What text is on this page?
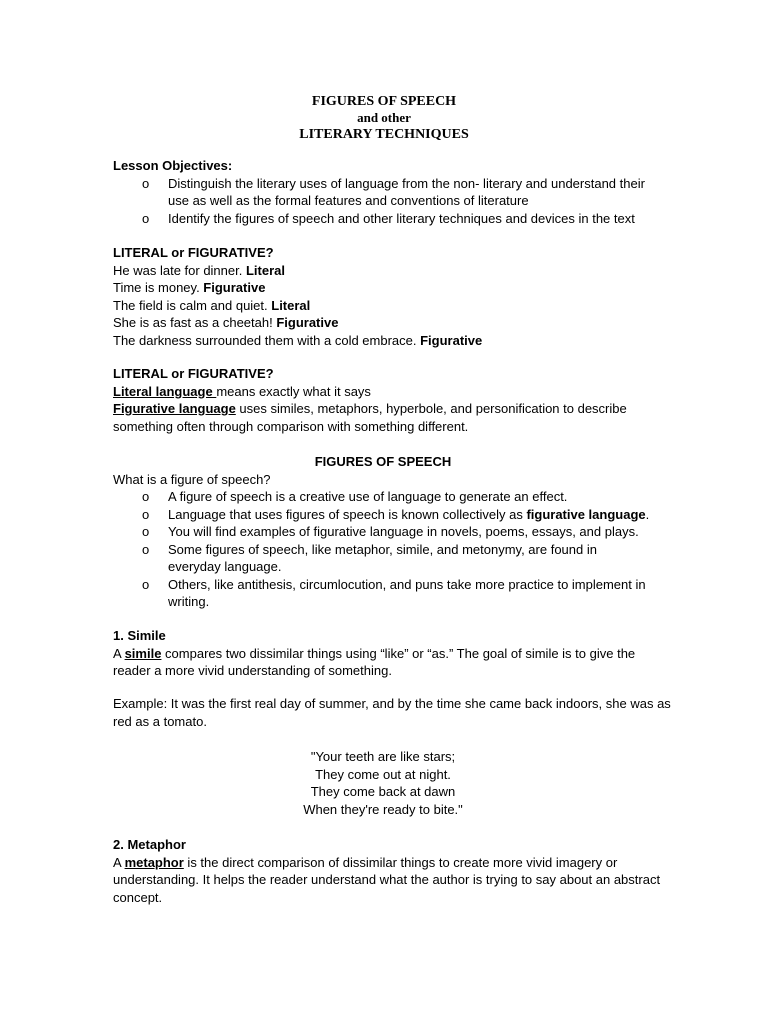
FIGURES OF SPEECH
and other
LITERARY TECHNIQUES

Lesson Objectives:

o Distinguish the literary uses of language from the non- literary and understand their use as well as the formal features and conventions of literature
o Identify the figures of speech and other literary techniques and devices in the text

LITERAL or FIGURATIVE?

He was late for dinner. Literal

Time is money. Figurative

The field is calm and quiet. Literal

She is as fast as a cheetah! Figurative

The darkness surrounded them with a cold embrace. Figurative

LITERAL or FIGURATIVE?

Literal language means exactly what it says

Figurative language uses similes, metaphors, hyperbole, and personification to describe

something often through comparison with something different.

FIGURES OF SPEECH

What is a figure of speech?

o A figure of speech is a creative use of language to generate an effect.
o Language that uses figures of speech is known collectively as figurative language.
o You will find examples of figurative language in novels, poems, essays, and plays.
o Some figures of speech, like metaphor, simile, and metonymy, are found in everyday language.
o Others, like antithesis, circumlocution, and puns take more practice to implement in writing.

1. Simile

A simile compares two dissimilar things using “like” or “as.” The goal of simile is to give the

reader a more vivid understanding of something.

Example: It was the first real day of summer, and by the time she came back indoors, she was as

red as a tomato.

"Your teeth are like stars;

They come out at night.

They come back at dawn

When they're ready to bite."

2. Metaphor

A metaphor is the direct comparison of dissimilar things to create more vivid imagery or

understanding. It helps the reader understand what the author is trying to say about an abstract

concept.
